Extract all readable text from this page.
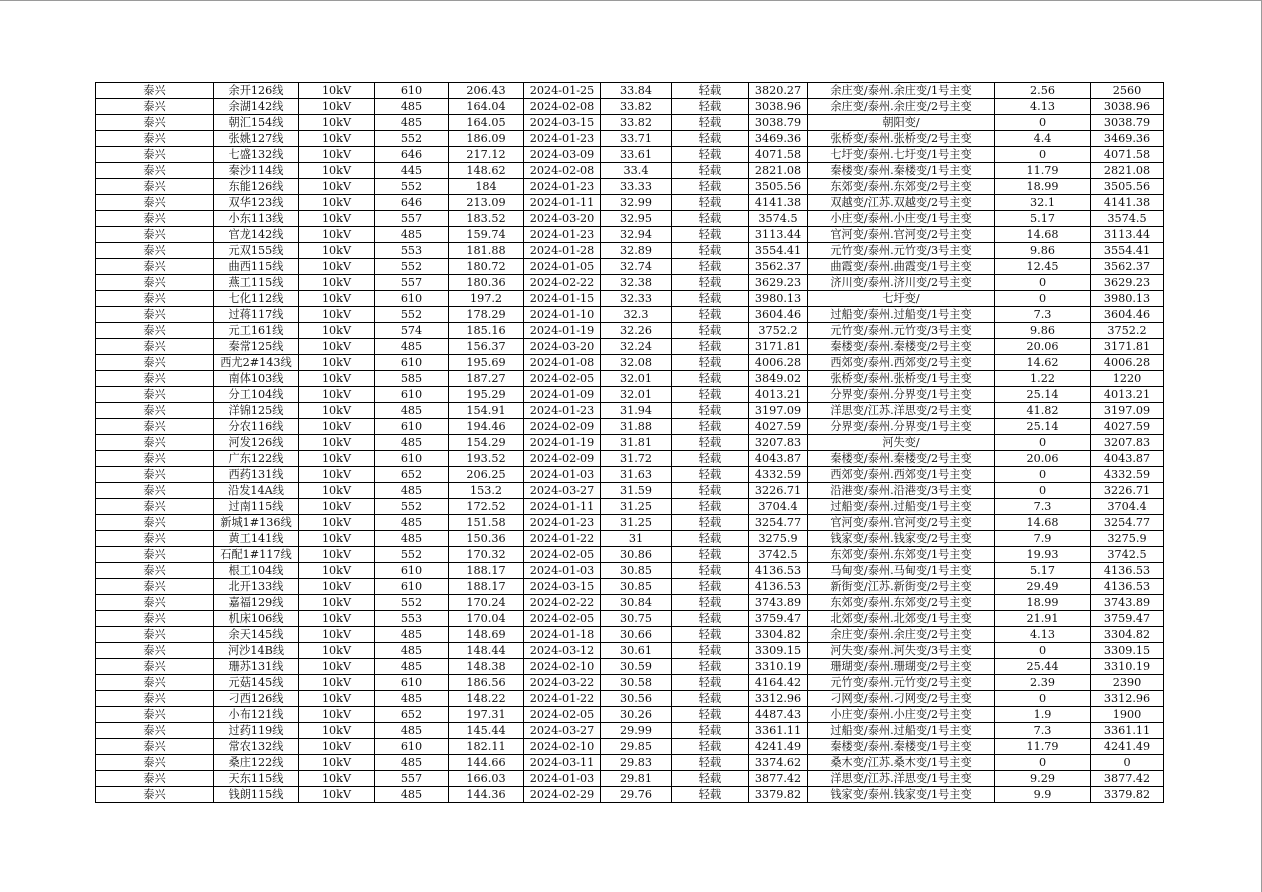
泰兴	余开126线	10kV	610	206.43	2024-01-25	33.84	轻载	3820.27	余庄变/泰州.余庄变/1号主变	2.56	2560
泰兴	余湖142线	10kV	485	164.04	2024-02-08	33.82	轻载	3038.96	余庄变/泰州.余庄变/2号主变	4.13	3038.96
泰兴	朝汇154线	10kV	485	164.05	2024-03-15	33.82	轻载	3038.79	朝阳变/	0	3038.79
泰兴	张姚127线	10kV	552	186.09	2024-01-23	33.71	轻载	3469.36	张桥变/泰州.张桥变/2号主变	4.4	3469.36
泰兴	七盛132线	10kV	646	217.12	2024-03-09	33.61	轻载	4071.58	七圩变/泰州.七圩变/1号主变	0	4071.58
泰兴	秦沙114线	10kV	445	148.62	2024-02-08	33.4	轻载	2821.08	秦楼变/泰州.秦楼变/1号主变	11.79	2821.08
泰兴	东能126线	10kV	552	184	2024-01-23	33.33	轻载	3505.56	东郊变/泰州.东郊变/2号主变	18.99	3505.56
泰兴	双华123线	10kV	646	213.09	2024-01-11	32.99	轻载	4141.38	双越变/江苏.双越变/2号主变	32.1	4141.38
泰兴	小东113线	10kV	557	183.52	2024-03-20	32.95	轻载	3574.5	小庄变/泰州.小庄变/1号主变	5.17	3574.5
泰兴	官龙142线	10kV	485	159.74	2024-01-23	32.94	轻载	3113.44	官河变/泰州.官河变/2号主变	14.68	3113.44
泰兴	元双155线	10kV	553	181.88	2024-01-28	32.89	轻载	3554.41	元竹变/泰州.元竹变/3号主变	9.86	3554.41
泰兴	曲西115线	10kV	552	180.72	2024-01-05	32.74	轻载	3562.37	曲霞变/泰州.曲霞变/1号主变	12.45	3562.37
泰兴	燕工115线	10kV	557	180.36	2024-02-22	32.38	轻载	3629.23	济川变/泰州.济川变/2号主变	0	3629.23
泰兴	七化112线	10kV	610	197.2	2024-01-15	32.33	轻载	3980.13	七圩变/	0	3980.13
泰兴	过蒋117线	10kV	552	178.29	2024-01-10	32.3	轻载	3604.46	过船变/泰州.过船变/1号主变	7.3	3604.46
泰兴	元工161线	10kV	574	185.16	2024-01-19	32.26	轻载	3752.2	元竹变/泰州.元竹变/3号主变	9.86	3752.2
泰兴	秦常125线	10kV	485	156.37	2024-03-20	32.24	轻载	3171.81	秦楼变/泰州.秦楼变/2号主变	20.06	3171.81
泰兴	西尤2#143线	10kV	610	195.69	2024-01-08	32.08	轻载	4006.28	西郊变/泰州.西郊变/2号主变	14.62	4006.28
泰兴	南体103线	10kV	585	187.27	2024-02-05	32.01	轻载	3849.02	张桥变/泰州.张桥变/1号主变	1.22	1220
泰兴	分工104线	10kV	610	195.29	2024-01-09	32.01	轻载	4013.21	分界变/泰州.分界变/1号主变	25.14	4013.21
泰兴	洋锦125线	10kV	485	154.91	2024-01-23	31.94	轻载	3197.09	洋思变/江苏.洋思变/2号主变	41.82	3197.09
泰兴	分农116线	10kV	610	194.46	2024-02-09	31.88	轻载	4027.59	分界变/泰州.分界变/1号主变	25.14	4027.59
泰兴	河发126线	10kV	485	154.29	2024-01-19	31.81	轻载	3207.83	河失变/	0	3207.83
泰兴	广东122线	10kV	610	193.52	2024-02-09	31.72	轻载	4043.87	秦楼变/泰州.秦楼变/2号主变	20.06	4043.87
泰兴	西药131线	10kV	652	206.25	2024-01-03	31.63	轻载	4332.59	西郊变/泰州.西郊变/1号主变	0	4332.59
泰兴	沿发14A线	10kV	485	153.2	2024-03-27	31.59	轻载	3226.71	沿港变/泰州.沿港变/3号主变	0	3226.71
泰兴	过南115线	10kV	552	172.52	2024-01-11	31.25	轻载	3704.4	过船变/泰州.过船变/1号主变	7.3	3704.4
泰兴	新城1#136线	10kV	485	151.58	2024-01-23	31.25	轻载	3254.77	官河变/泰州.官河变/2号主变	14.68	3254.77
泰兴	黄工141线	10kV	485	150.36	2024-01-22	31	轻载	3275.9	钱家变/泰州.钱家变/2号主变	7.9	3275.9
泰兴	石配1#117线	10kV	552	170.32	2024-02-05	30.86	轻载	3742.5	东郊变/泰州.东郊变/1号主变	19.93	3742.5
泰兴	根工104线	10kV	610	188.17	2024-01-03	30.85	轻载	4136.53	马甸变/泰州.马甸变/1号主变	5.17	4136.53
泰兴	北开133线	10kV	610	188.17	2024-03-15	30.85	轻载	4136.53	新街变/江苏.新街变/2号主变	29.49	4136.53
泰兴	嘉福129线	10kV	552	170.24	2024-02-22	30.84	轻载	3743.89	东郊变/泰州.东郊变/2号主变	18.99	3743.89
泰兴	机床106线	10kV	553	170.04	2024-02-05	30.75	轻载	3759.47	北郊变/泰州.北郊变/1号主变	21.91	3759.47
泰兴	余天145线	10kV	485	148.69	2024-01-18	30.66	轻载	3304.82	余庄变/泰州.余庄变/2号主变	4.13	3304.82
泰兴	河沙14B线	10kV	485	148.44	2024-03-12	30.61	轻载	3309.15	河失变/泰州.河失变/3号主变	0	3309.15
泰兴	珊苏131线	10kV	485	148.38	2024-02-10	30.59	轻载	3310.19	珊瑚变/泰州.珊瑚变/2号主变	25.44	3310.19
泰兴	元菇145线	10kV	610	186.56	2024-03-22	30.58	轻载	4164.42	元竹变/泰州.元竹变/2号主变	2.39	2390
泰兴	刁西126线	10kV	485	148.22	2024-01-22	30.56	轻载	3312.96	刁网变/泰州.刁网变/2号主变	0	3312.96
泰兴	小布121线	10kV	652	197.31	2024-02-05	30.26	轻载	4487.43	小庄变/泰州.小庄变/2号主变	1.9	1900
泰兴	过药119线	10kV	485	145.44	2024-03-27	29.99	轻载	3361.11	过船变/泰州.过船变/1号主变	7.3	3361.11
泰兴	常农132线	10kV	610	182.11	2024-02-10	29.85	轻载	4241.49	秦楼变/泰州.秦楼变/1号主变	11.79	4241.49
泰兴	桑庄122线	10kV	485	144.66	2024-03-11	29.83	轻载	3374.62	桑木变/江苏.桑木变/1号主变	0	0
泰兴	天东115线	10kV	557	166.03	2024-01-03	29.81	轻载	3877.42	洋思变/江苏.洋思变/1号主变	9.29	3877.42
泰兴	钱朗115线	10kV	485	144.36	2024-02-29	29.76	轻载	3379.82	钱家变/泰州.钱家变/1号主变	9.9	3379.82
